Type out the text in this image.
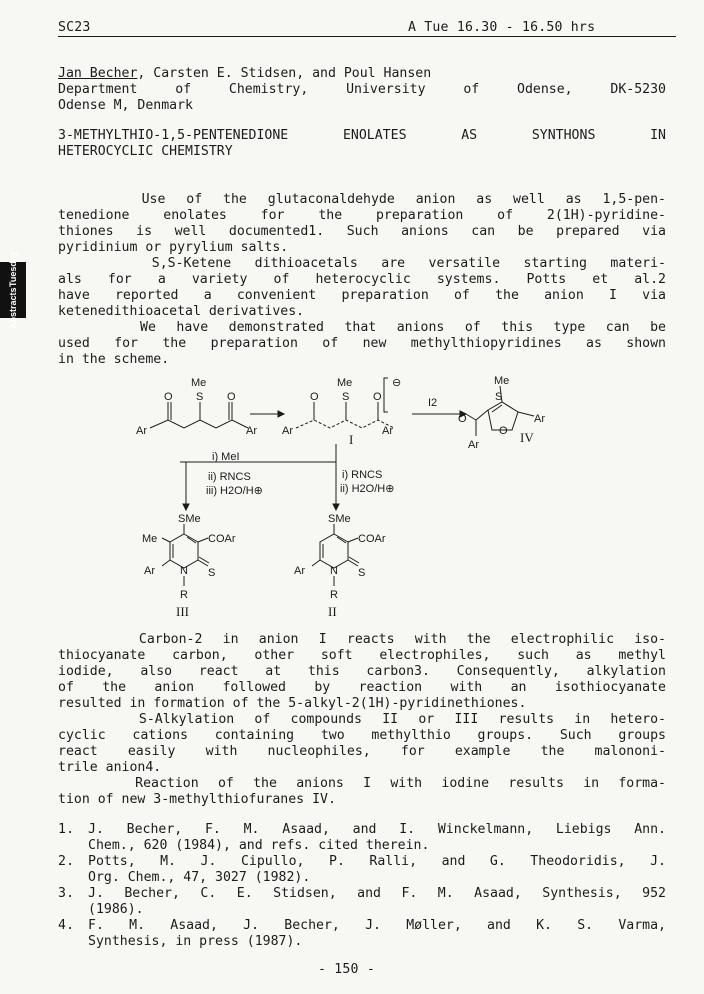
SC23	A Tue 16.30 - 16.50 hrs
Abstracts
Tuesday
Jan Becher, Carsten E. Stidsen, and Poul Hansen
Department of Chemistry, University of Odense, DK-5230
Odense M, Denmark
3-METHYLTHIO-1,5-PENTENEDIONE ENOLATES AS SYNTHONS IN
HETEROCYCLIC CHEMISTRY
Use of the glutaconaldehyde anion as well as 1,5-pen-
tenedione enolates for the preparation of 2(1H)-pyridine-
thiones is well documented1. Such anions can be prepared via
pyridinium or pyrylium salts.
S,S-Ketene dithioacetals are versatile starting materi-
als for a variety of heterocyclic systems. Potts et al.2
have reported a convenient preparation of the anion I via
ketenedithioacetal derivatives.
We have demonstrated that anions of this type can be
used for the preparation of new methylthiopyridines as shown
in the scheme.
O	O
S
Me
Ar	Ar
O	O
S
Me
Ar	Ar
⊖
I
I2
Me
S
Ar
O
O
Ar	IV
i) MeI
ii) RNCS
iii) H2O/H⊕
i) RNCS
ii) H2O/H⊕
SMe
COAr
Me
Ar	S
N
R
III
SMe
COAr
Ar	S
N
R
II
Carbon-2 in anion I reacts with the electrophilic iso-
thiocyanate carbon, other soft electrophiles, such as methyl
iodide, also react at this carbon3. Consequently, alkylation
of the anion followed by reaction with an isothiocyanate
resulted in formation of the 5-alkyl-2(1H)-pyridinethiones.
S-Alkylation of compounds II or III results in hetero-
cyclic cations containing two methylthio groups. Such groups
react easily with nucleophiles, for example the malononi-
trile anion4.
Reaction of the anions I with iodine results in forma-
tion of new 3-methylthiofuranes IV.
1. J. Becher, F. M. Asaad, and I. Winckelmann, Liebigs Ann.
Chem., 620 (1984), and refs. cited therein.
2. Potts, M. J. Cipullo, P. Ralli, and G. Theodoridis, J.
Org. Chem., 47, 3027 (1982).
3. J. Becher, C. E. Stidsen, and F. M. Asaad, Synthesis, 952
(1986).
4. F. M. Asaad, J. Becher, J. Møller, and K. S. Varma,
Synthesis, in press (1987).
- 150 -
